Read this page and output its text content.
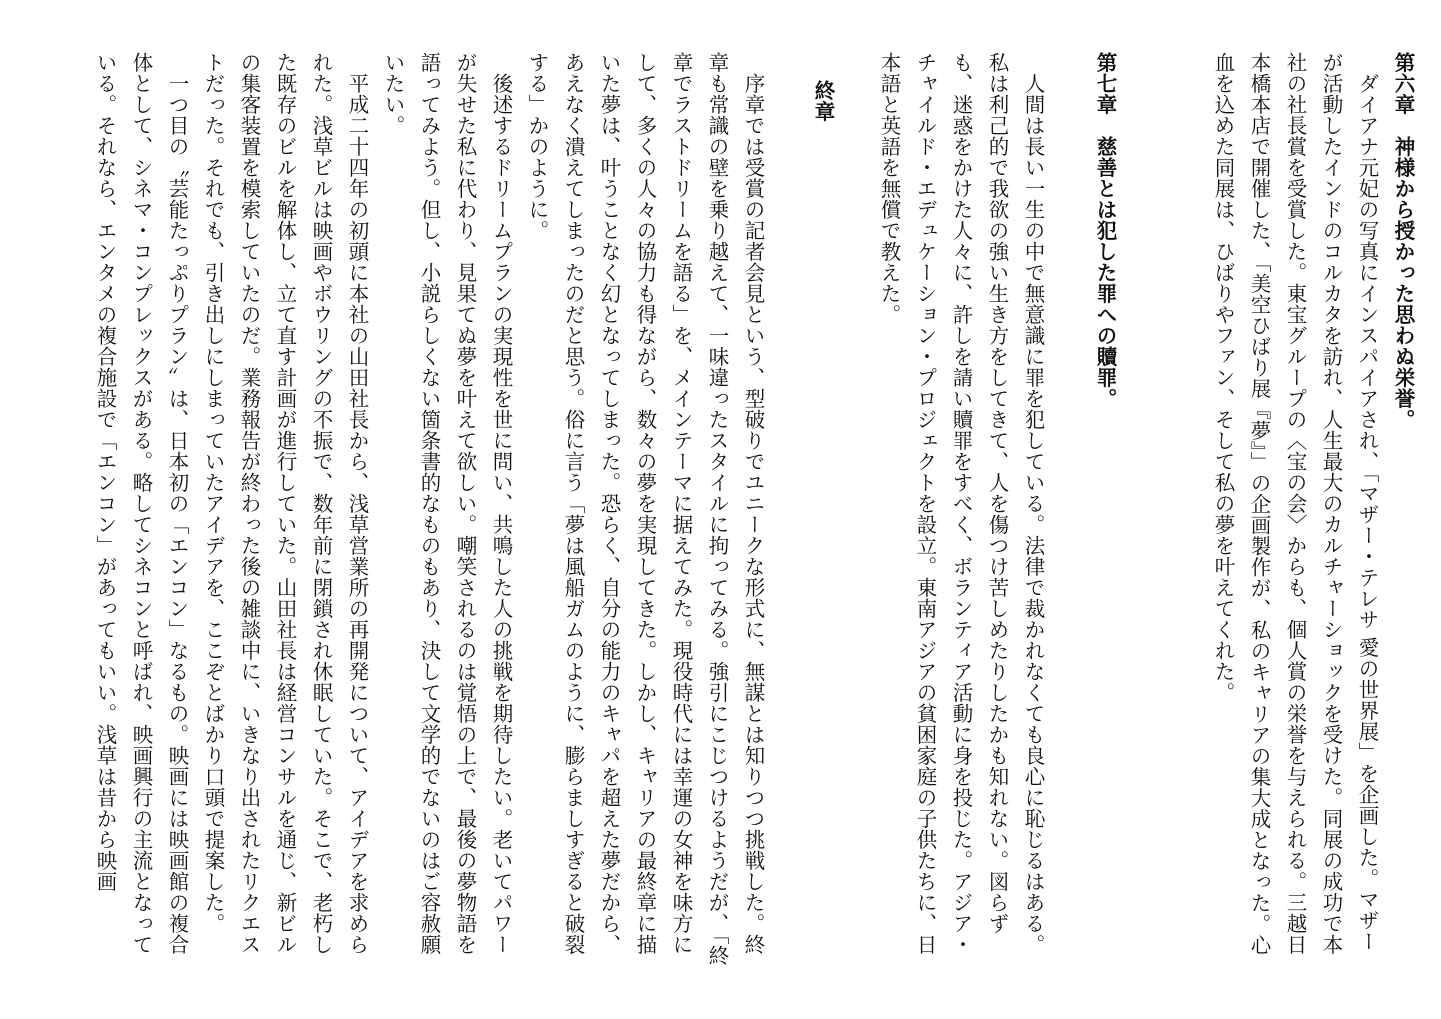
第六章　神様から授かった思わぬ栄誉。

ダイアナ元妃の写真にインスパイアされ、「マザー・テレサ 愛の世界展」を企画した。マザーが活動したインドのコルカタを訪れ、人生最大のカルチャーショックを受けた。同展の成功で本社の社長賞を受賞した。東宝グループの〈宝の会〉からも、個人賞の栄誉を与えられる。三越日本橋本店で開催した、「美空ひばり展『夢』」の企画製作が、私のキャリアの集大成となった。心血を込めた同展は、ひばりやファン、そして私の夢を叶えてくれた。

第七章　慈善とは犯した罪への贖罪。

人間は長い一生の中で無意識に罪を犯している。法律で裁かれなくても良心に恥じるはある。私は利己的で我欲の強い生き方をしてきて、人を傷つけ苦しめたりしたかも知れない。図らずも、迷惑をかけた人々に、許しを請い贖罪をすべく、ボランティア活動に身を投じた。アジア・チャイルド・エデュケーション・プロジェクトを設立。東南アジアの貧困家庭の子供たちに、日本語と英語を無償で教えた。

終章

序章では受賞の記者会見という、型破りでユニークな形式に、無謀とは知りつつ挑戦した。終章も常識の壁を乗り越えて、一味違ったスタイルに拘ってみる。強引にこじつけるようだが、「終章でラストドリームを語る」を、メインテーマに据えてみた。現役時代には幸運の女神を味方にして、多くの人々の協力も得ながら、数々の夢を実現してきた。しかし、キャリアの最終章に描いた夢は、叶うことなく幻となってしまった。恐らく、自分の能力のキャパを超えた夢だから、あえなく潰えてしまったのだと思う。俗に言う「夢は風船ガムのように、膨らましすぎると破裂する」かのように。
後述するドリームプランの実現性を世に問い、共鳴した人の挑戦を期待したい。老いてパワーが失せた私に代わり、見果てぬ夢を叶えて欲しい。嘲笑されるのは覚悟の上で、最後の夢物語を語ってみよう。但し、小説らしくない箇条書的なものもあり、決して文学的でないのはご容赦願いたい。
平成二十四年の初頭に本社の山田社長から、浅草営業所の再開発について、アイデアを求められた。浅草ビルは映画やボウリングの不振で、数年前に閉鎖され休眠していた。そこで、老朽した既存のビルを解体し、立て直す計画が進行していた。山田社長は経営コンサルを通じ、新ビルの集客装置を模索していたのだ。業務報告が終わった後の雑談中に、いきなり出されたリクエストだった。それでも、引き出しにしまっていたアイデアを、ここぞとばかり口頭で提案した。
一つ目の〝芸能たっぷりプラン〟は、日本初の「エンコン」なるもの。映画には映画館の複合体として、シネマ・コンプレックスがある。略してシネコンと呼ばれ、映画興行の主流となっている。それなら、エンタメの複合施設で「エンコン」があってもいい。浅草は昔から映画
